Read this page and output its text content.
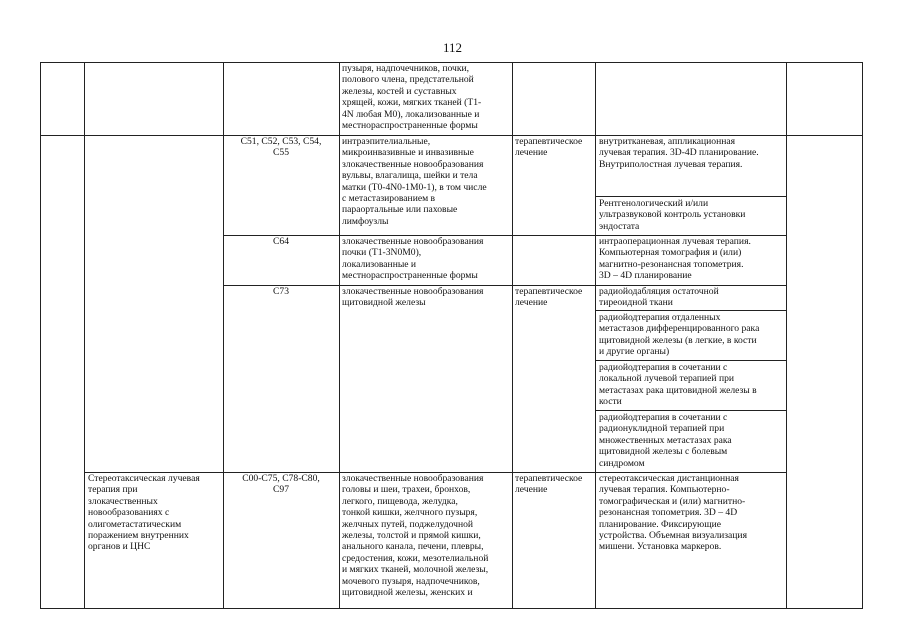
112
пузыря, надпочечников, почки,
полового члена, предстательной
железы, костей и суставных
хрящей, кожи, мягких тканей (T1-
4N любая M0), локализованные и
местнораспространенные формы
C51, C52, C53, C54,
C55
интраэпителиальные,
микроинвазивные и инвазивные
злокачественные новообразования
вульвы, влагалища, шейки и тела
матки (T0-4N0-1M0-1), в том числе
с метастазированием в
параортальные или паховые
лимфоузлы
терапевтическое
лечение
внутритканевая, аппликационная
лучевая терапия. 3D-4D планирование.
Внутриполостная лучевая терапия.
Рентгенологический и/или
ультразвуковой контроль установки
эндостата
C64	злокачественные новообразования
почки (T1-3N0M0),
локализованные и
местнораспространенные формы
интраоперационная лучевая терапия.
Компьютерная томография и (или)
магнитно-резонансная топометрия.
3D – 4D планирование
C73	злокачественные новообразования
щитовидной железы
терапевтическое
лечение
радиойодабляция остаточной
тиреоидной ткани
радиойодтерапия отдаленных
метастазов дифференцированного рака
щитовидной железы (в легкие, в кости
и другие органы)
радиойодтерапия в сочетании с
локальной лучевой терапией при
метастазах рака щитовидной железы в
кости
радиойодтерапия в сочетании с
радионуклидной терапией при
множественных метастазах рака
щитовидной железы с болевым
синдромом
Стереотаксическая лучевая
терапия при
злокачественных
новообразованиях с
олигометастатическим
поражением внутренних
органов и ЦНС
C00-C75, C78-C80,
C97
злокачественные новообразования
головы и шеи, трахеи, бронхов,
легкого, пищевода, желудка,
тонкой кишки, желчного пузыря,
желчных путей, поджелудочной
железы, толстой и прямой кишки,
анального канала, печени, плевры,
средостения, кожи, мезотелиальной
и мягких тканей, молочной железы,
мочевого пузыря, надпочечников,
щитовидной железы, женских и
терапевтическое
лечение
стереотаксическая дистанционная
лучевая терапия. Компьютерно-
томографическая и (или) магнитно-
резонансная топометрия. 3D – 4D
планирование. Фиксирующие
устройства. Объемная визуализация
мишени. Установка маркеров.
